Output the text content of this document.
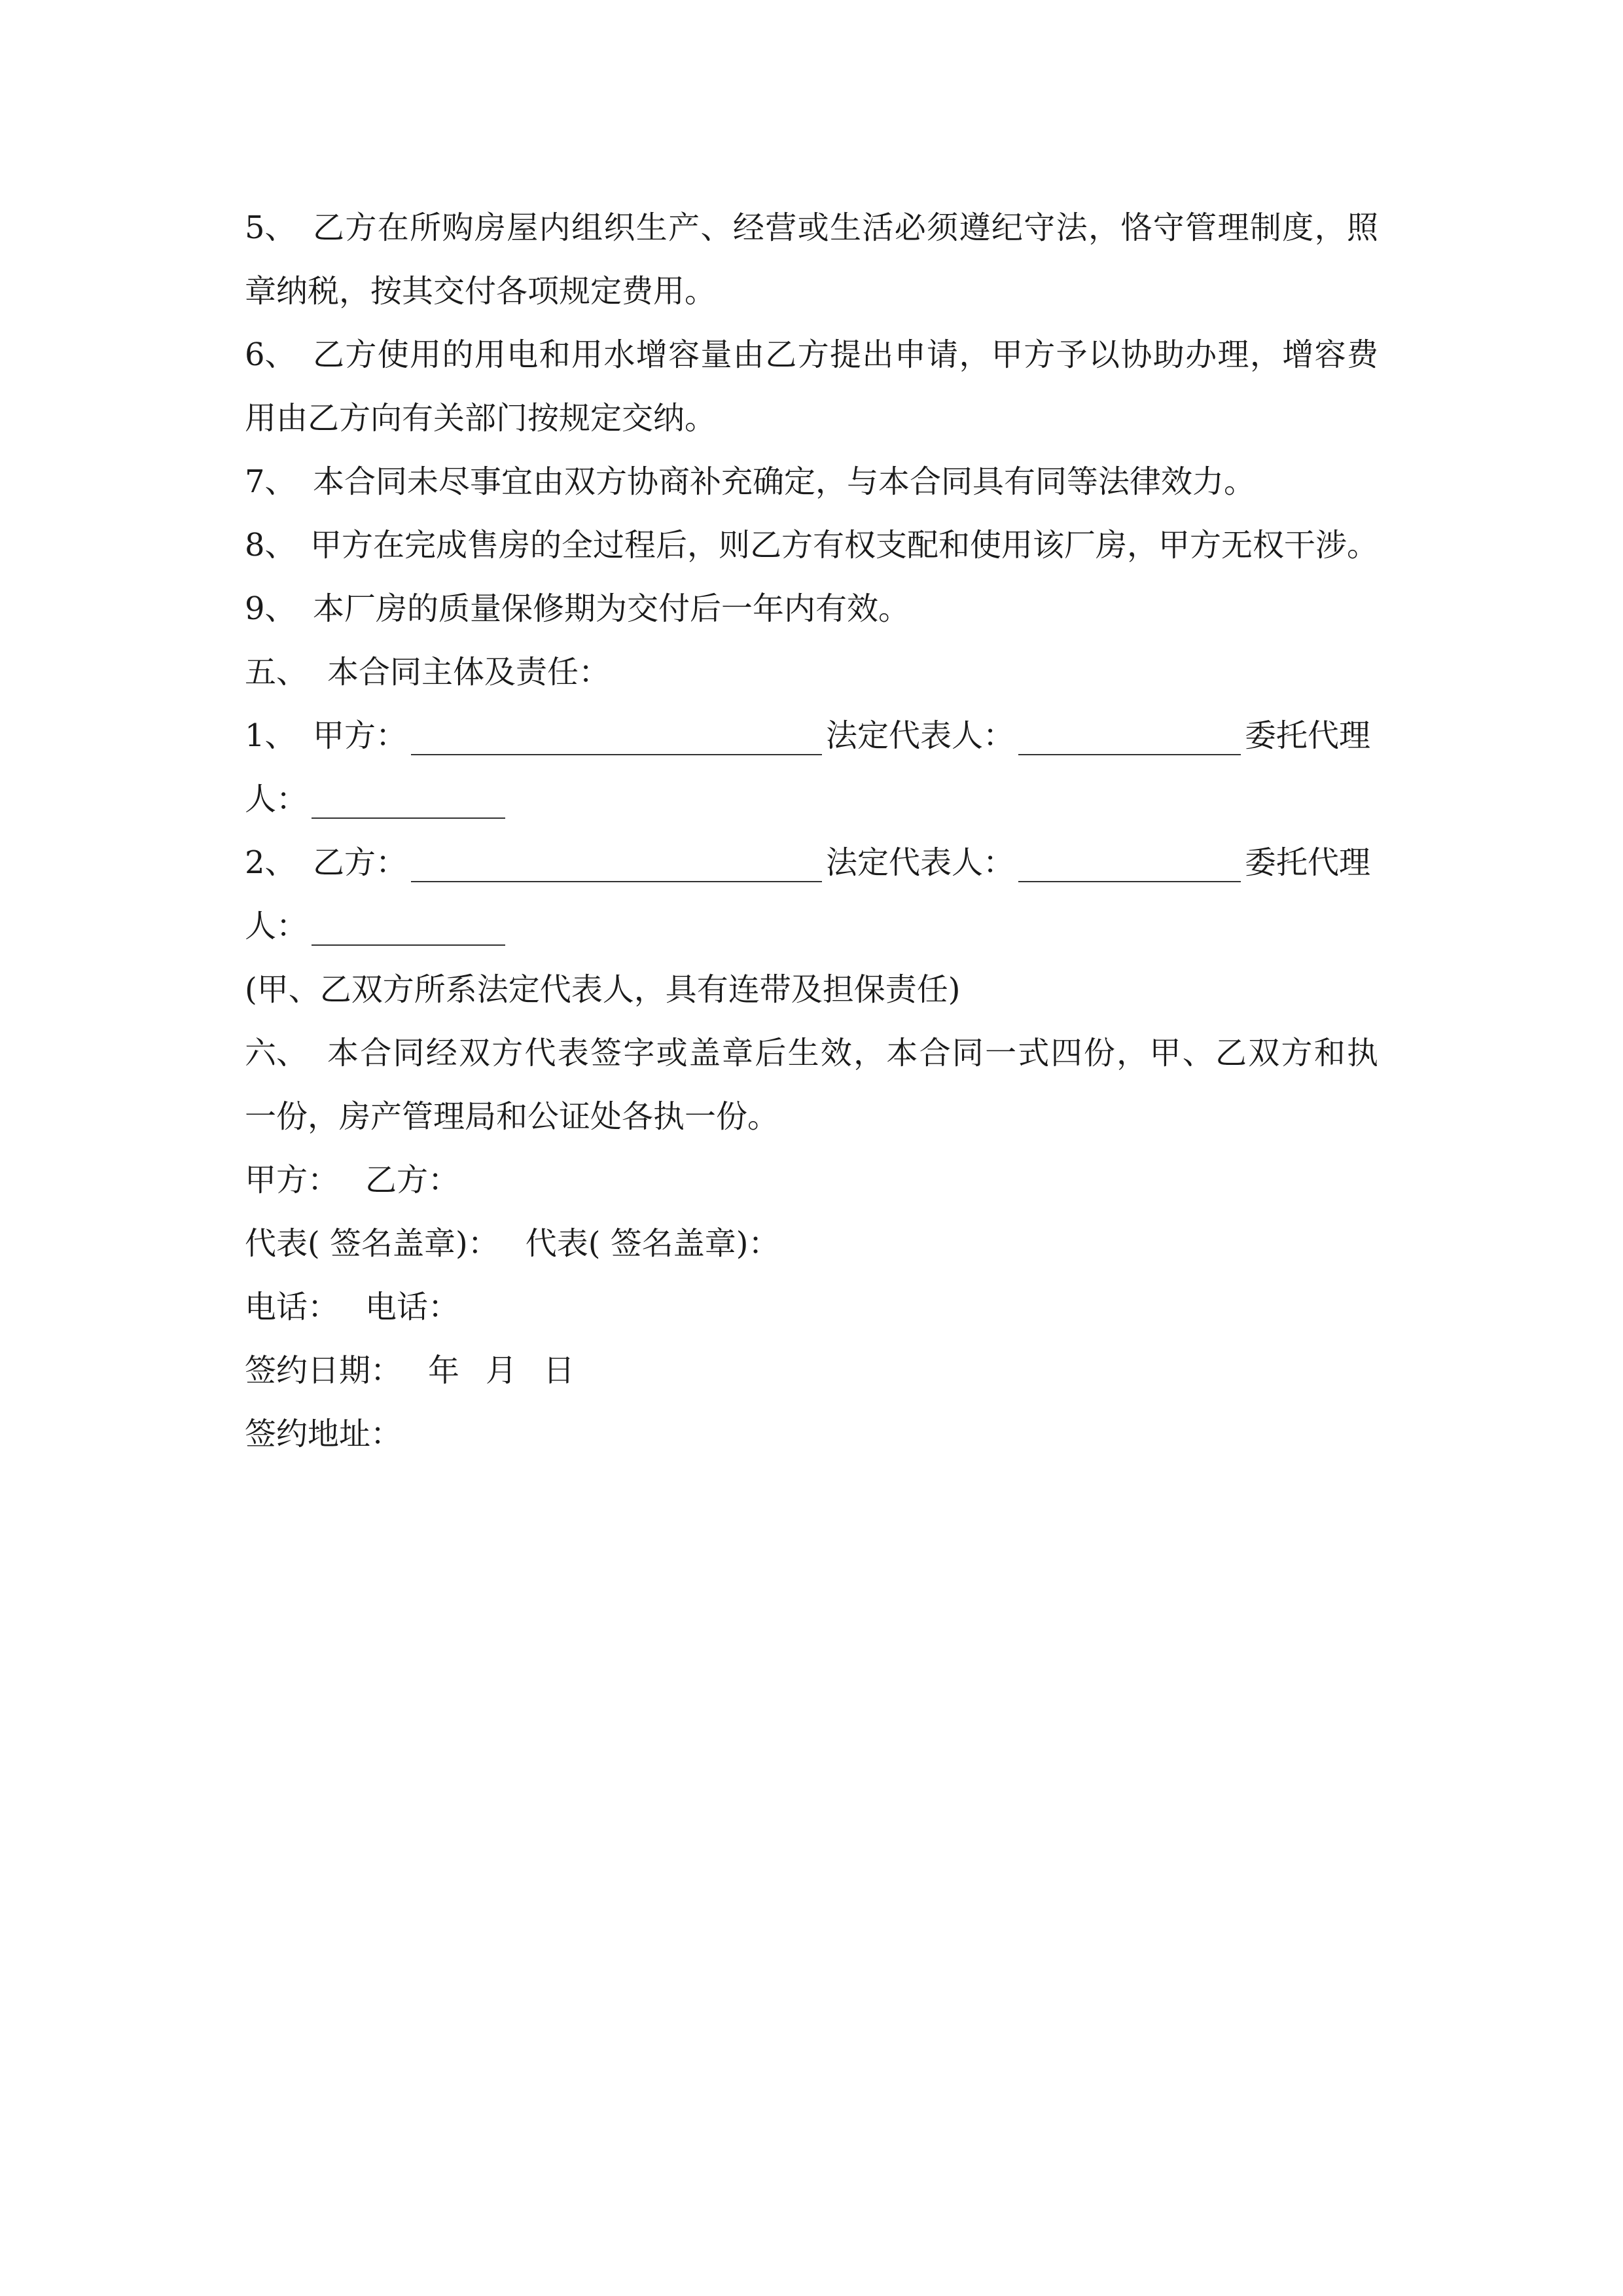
5、 乙方在所购房屋内组织生产、经营或生活必须遵纪守法，恪守管理制度，照
章纳税，按其交付各项规定费用。
6、 乙方使用的用电和用水增容量由乙方提出申请，甲方予以协助办理，增容费
用由乙方向有关部门按规定交纳。
7、 本合同未尽事宜由双方协商补充确定，与本合同具有同等法律效力。
8、 甲方在完成售房的全过程后，则乙方有权支配和使用该厂房，甲方无权干涉。
9、 本厂房的质量保修期为交付后一年内有效。
五、 本合同主体及责任：
1、 甲方：	法定代表人：	委托代理
人：
2、 乙方：	法定代表人：	委托代理
人：
(甲、乙双方所系法定代表人，具有连带及担保责任)
六、 本合同经双方代表签字或盖章后生效，本合同一式四份，甲、乙双方和执
一份，房产管理局和公证处各执一份。
甲方： 乙方：
代表( 签名盖章)： 代表( 签名盖章)：
电话： 电话：
签约日期： 年 月 日
签约地址：
